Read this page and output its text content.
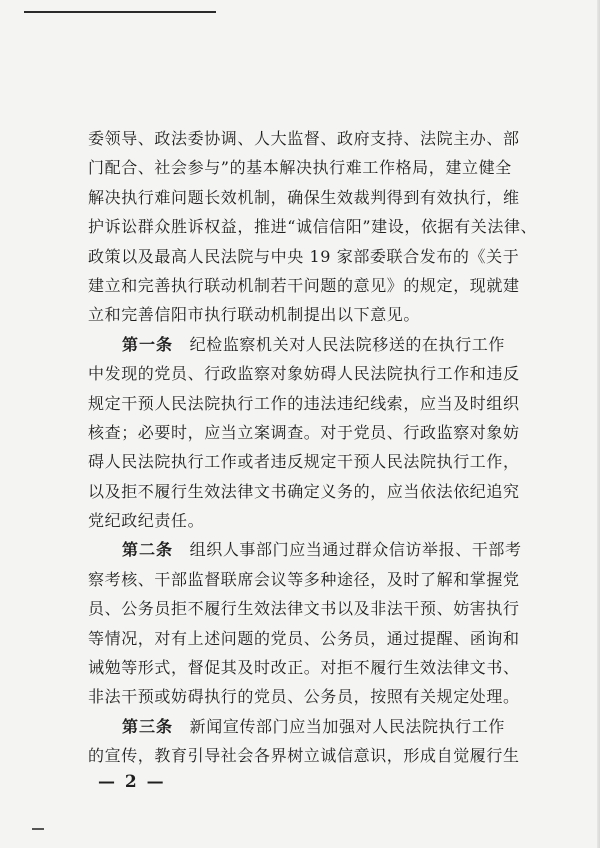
委领导、政法委协调、人大监督、政府支持、法院主办、部
门配合、社会参与”的基本解决执行难工作格局，建立健全
解决执行难问题长效机制，确保生效裁判得到有效执行，维
护诉讼群众胜诉权益，推进“诚信信阳”建设，依据有关法律、
政策以及最高人民法院与中央 19 家部委联合发布的《关于
建立和完善执行联动机制若干问题的意见》的规定，现就建
立和完善信阳市执行联动机制提出以下意见。
第一条　 纪检监察机关对人民法院移送的在执行工作
中发现的党员、行政监察对象妨碍人民法院执行工作和违反
规定干预人民法院执行工作的违法违纪线索，应当及时组织
核查；必要时，应当立案调查。对于党员、行政监察对象妨
碍人民法院执行工作或者违反规定干预人民法院执行工作，
以及拒不履行生效法律文书确定义务的，应当依法依纪追究
党纪政纪责任。
第二条　 组织人事部门应当通过群众信访举报、干部考
察考核、干部监督联席会议等多种途径，及时了解和掌握党
员、公务员拒不履行生效法律文书以及非法干预、妨害执行
等情况，对有上述问题的党员、公务员，通过提醒、函询和
诫勉等形式，督促其及时改正。对拒不履行生效法律文书、
非法干预或妨碍执行的党员、公务员，按照有关规定处理。
第三条　 新闻宣传部门应当加强对人民法院执行工作
的宣传，教育引导社会各界树立诚信意识，形成自觉履行生
— 2 —
